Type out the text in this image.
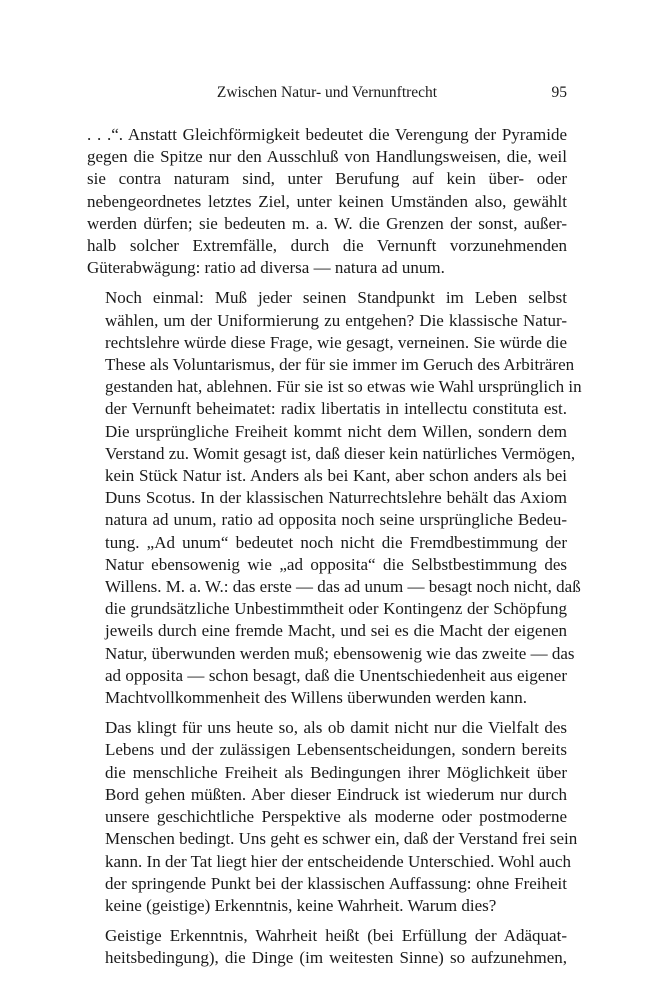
Zwischen Natur- und Vernunftrecht	95

. . .“. Anstatt Gleichförmigkeit bedeutet die Verengung der Pyramide
gegen die Spitze nur den Ausschluß von Handlungsweisen, die, weil
sie contra naturam sind, unter Berufung auf kein über- oder
nebengeordnetes letztes Ziel, unter keinen Umständen also, gewählt
werden dürfen; sie bedeuten m. a. W. die Grenzen der sonst, außer-
halb solcher Extremfälle, durch die Vernunft vorzunehmenden
Güterabwägung: ratio ad diversa — natura ad unum.

Noch einmal: Muß jeder seinen Standpunkt im Leben selbst
wählen, um der Uniformierung zu entgehen? Die klassische Natur-
rechtslehre würde diese Frage, wie gesagt, verneinen. Sie würde die
These als Voluntarismus, der für sie immer im Geruch des Arbiträren
gestanden hat, ablehnen. Für sie ist so etwas wie Wahl ursprünglich in
der Vernunft beheimatet: radix libertatis in intellectu constituta est.
Die ursprüngliche Freiheit kommt nicht dem Willen, sondern dem
Verstand zu. Womit gesagt ist, daß dieser kein natürliches Vermögen,
kein Stück Natur ist. Anders als bei Kant, aber schon anders als bei
Duns Scotus. In der klassischen Naturrechtslehre behält das Axiom
natura ad unum, ratio ad opposita noch seine ursprüngliche Bedeu-
tung. „Ad unum“ bedeutet noch nicht die Fremdbestimmung der
Natur ebensowenig wie „ad opposita“ die Selbstbestimmung des
Willens. M. a. W.: das erste — das ad unum — besagt noch nicht, daß
die grundsätzliche Unbestimmtheit oder Kontingenz der Schöpfung
jeweils durch eine fremde Macht, und sei es die Macht der eigenen
Natur, überwunden werden muß; ebensowenig wie das zweite — das
ad opposita — schon besagt, daß die Unentschiedenheit aus eigener
Machtvollkommenheit des Willens überwunden werden kann.

Das klingt für uns heute so, als ob damit nicht nur die Vielfalt des
Lebens und der zulässigen Lebensentscheidungen, sondern bereits
die menschliche Freiheit als Bedingungen ihrer Möglichkeit über
Bord gehen müßten. Aber dieser Eindruck ist wiederum nur durch
unsere geschichtliche Perspektive als moderne oder postmoderne
Menschen bedingt. Uns geht es schwer ein, daß der Verstand frei sein
kann. In der Tat liegt hier der entscheidende Unterschied. Wohl auch
der springende Punkt bei der klassischen Auffassung: ohne Freiheit
keine (geistige) Erkenntnis, keine Wahrheit. Warum dies?

Geistige Erkenntnis, Wahrheit heißt (bei Erfüllung der Adäquat-
heitsbedingung), die Dinge (im weitesten Sinne) so aufzunehmen,
